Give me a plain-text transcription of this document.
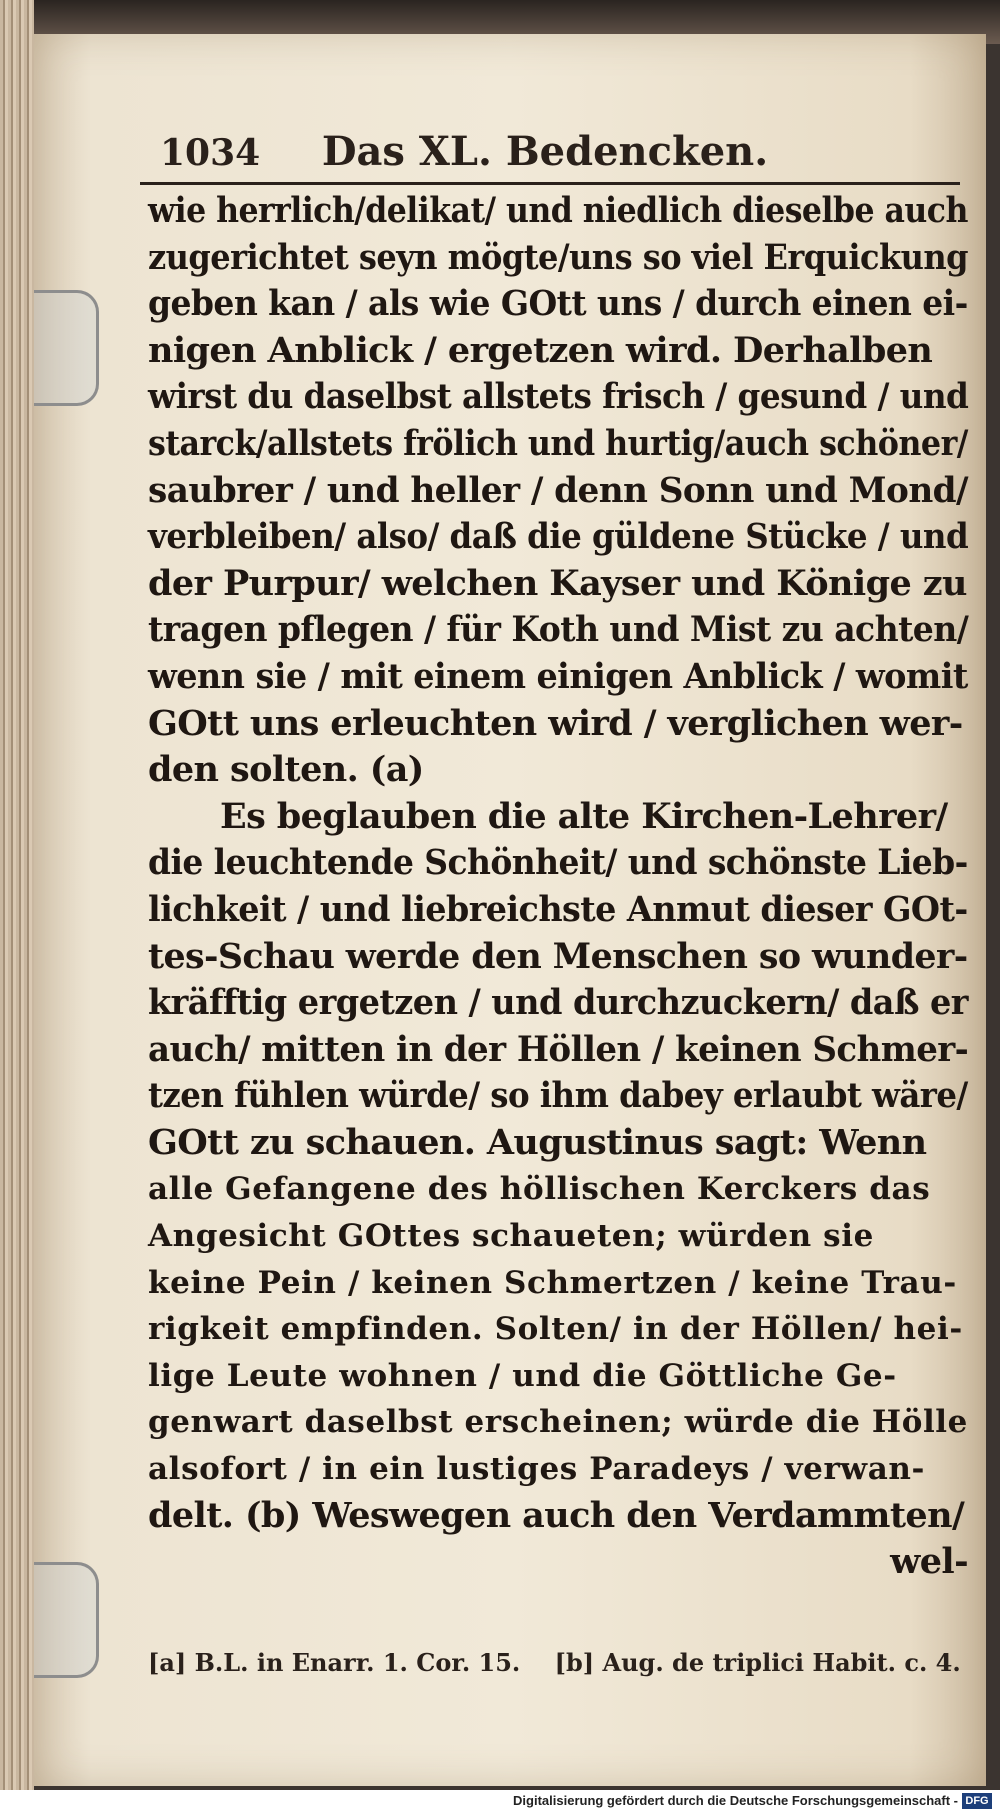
1034	Das XL. Bedencken.
wie herrlich/delikat/ und niedlich dieselbe auch
zugerichtet seyn mögte/uns so viel Erquickung
geben kan / als wie GOtt uns / durch einen ei-
nigen Anblick / ergetzen wird. Derhalben
wirst du daselbst allstets frisch / gesund / und
starck/allstets frölich und hurtig/auch schöner/
saubrer / und heller / denn Sonn und Mond/
verbleiben/ also/ daß die güldene Stücke / und
der Purpur/ welchen Kayser und Könige zu
tragen pflegen / für Koth und Mist zu achten/
wenn sie / mit einem einigen Anblick / womit
GOtt uns erleuchten wird / verglichen wer-
den solten. (a)
Es beglauben die alte Kirchen-Lehrer/
die leuchtende Schönheit/ und schönste Lieb-
lichkeit / und liebreichste Anmut dieser GOt-
tes-Schau werde den Menschen so wunder-
kräfftig ergetzen / und durchzuckern/ daß er
auch/ mitten in der Höllen / keinen Schmer-
tzen fühlen würde/ so ihm dabey erlaubt wäre/
GOtt zu schauen. Augustinus sagt: Wenn
alle Gefangene des höllischen Kerckers das
Angesicht GOttes schaueten; würden sie
keine Pein / keinen Schmertzen / keine Trau-
rigkeit empfinden. Solten/ in der Höllen/ hei-
lige Leute wohnen / und die Göttliche Ge-
genwart daselbst erscheinen; würde die Hölle
alsofort / in ein lustiges Paradeys / verwan-
delt. (b) Weswegen auch den Verdammten/
wel-
[a] B.L. in Enarr. 1. Cor. 15. [b] Aug. de triplici Habit. c. 4.
Digitalisierung gefördert durch die Deutsche Forschungsgemeinschaft - DFG
